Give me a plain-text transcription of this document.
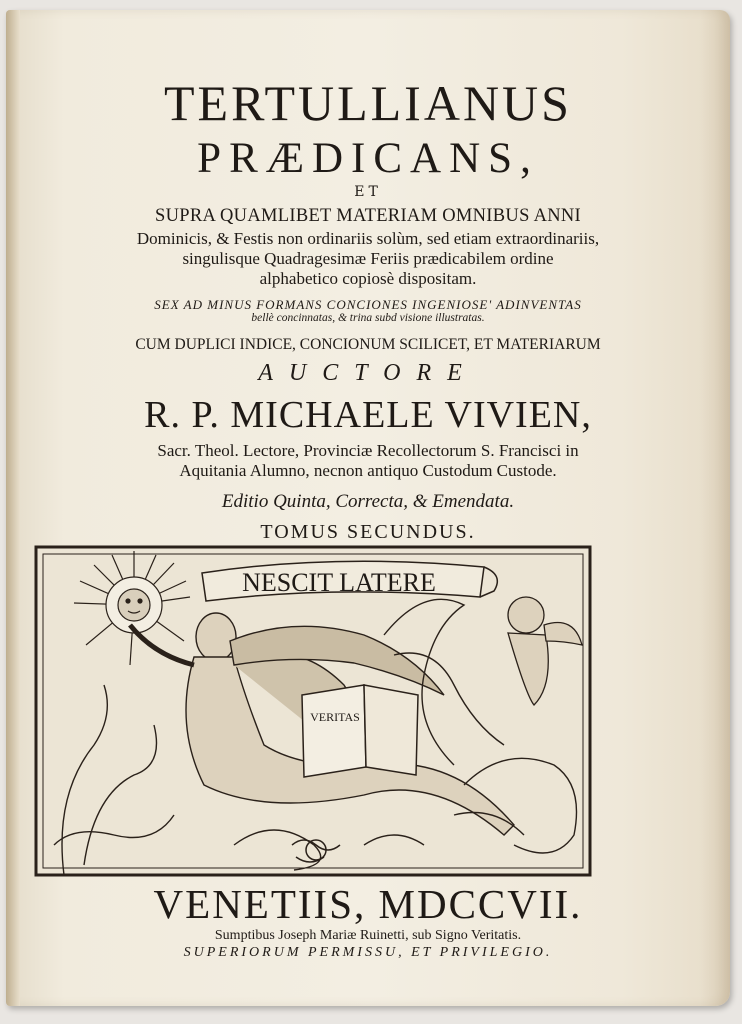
TERTULLIANUS
PRÆDICANS,
ET
SUPRA QUAMLIBET MATERIAM OMNIBUS ANNI
Dominicis, & Festis non ordinariis solùm, sed etiam extraordinariis,
singulisque Quadragesimæ Feriis prædicabilem ordine
alphabetico copiosè dispositam.
SEX AD MINUS FORMANS CONCIONES INGENIOSE' ADINVENTAS
bellè concinnatas, & trina subd visione illustratas.
CUM DUPLICI INDICE, CONCIONUM SCILICET, ET MATERIARUM
AUCTORE
R. P. MICHAELE VIVIEN,
Sacr. Theol. Lectore, Provinciæ Recollectorum S. Francisci in
Aquitania Alumno, necnon antiquo Custodum Custode.
Editio Quinta, Correcta, & Emendata.
TOMUS SECUNDUS.
NESCIT LATERE
VERITAS
VENETIIS, MDCCVII.
Sumptibus Joseph Mariæ Ruinetti, sub Signo Veritatis.
SUPERIORUM PERMISSU, ET PRIVILEGIO.
